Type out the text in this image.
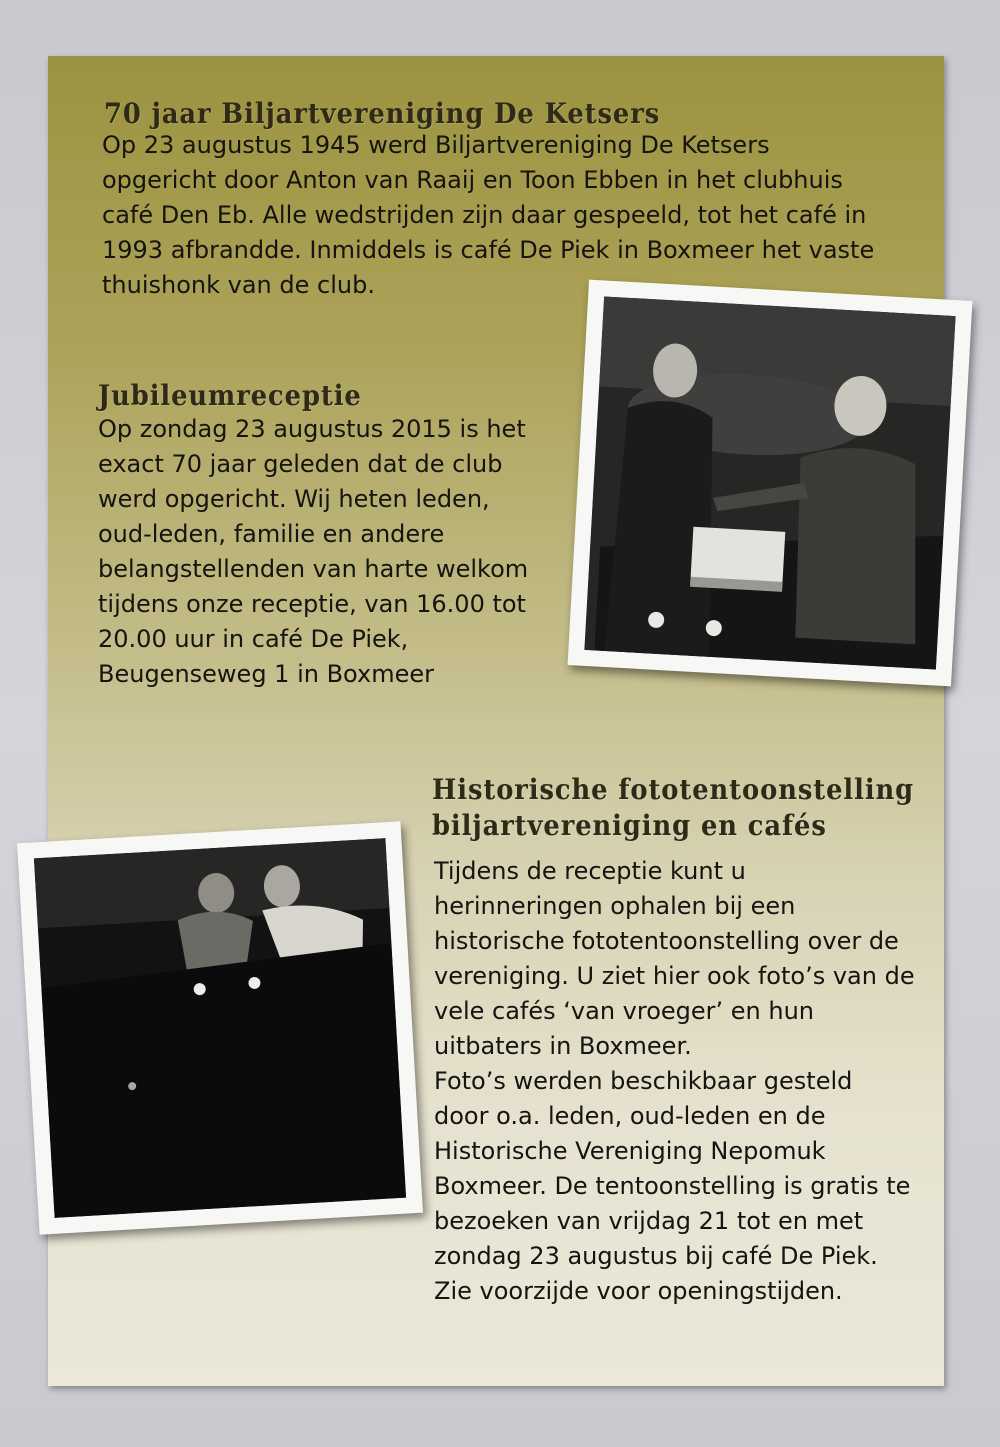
70 jaar Biljartvereniging De Ketsers
Op 23 augustus 1945 werd Biljartvereniging De Ketsers
opgericht door Anton van Raaij en Toon Ebben in het clubhuis
café Den Eb. Alle wedstrijden zijn daar gespeeld, tot het café in
1993 afbrandde. Inmiddels is café De Piek in Boxmeer het vaste
thuishonk van de club.
Jubileumreceptie
Op zondag 23 augustus 2015 is het
exact 70 jaar geleden dat de club
werd opgericht. Wij heten leden,
oud-leden, familie en andere
belangstellenden van harte welkom
tijdens onze receptie, van 16.00 tot
20.00 uur in café De Piek,
Beugenseweg 1 in Boxmeer
Historische fototentoonstelling
biljartvereniging en cafés
Tijdens de receptie kunt u
herinneringen ophalen bij een
historische fototentoonstelling over de
vereniging. U ziet hier ook foto’s van de
vele cafés ‘van vroeger’ en hun
uitbaters in Boxmeer.
Foto’s werden beschikbaar gesteld
door o.a. leden, oud-leden en de
Historische Vereniging Nepomuk
Boxmeer. De tentoonstelling is gratis te
bezoeken van vrijdag 21 tot en met
zondag 23 augustus bij café De Piek.
Zie voorzijde voor openingstijden.
